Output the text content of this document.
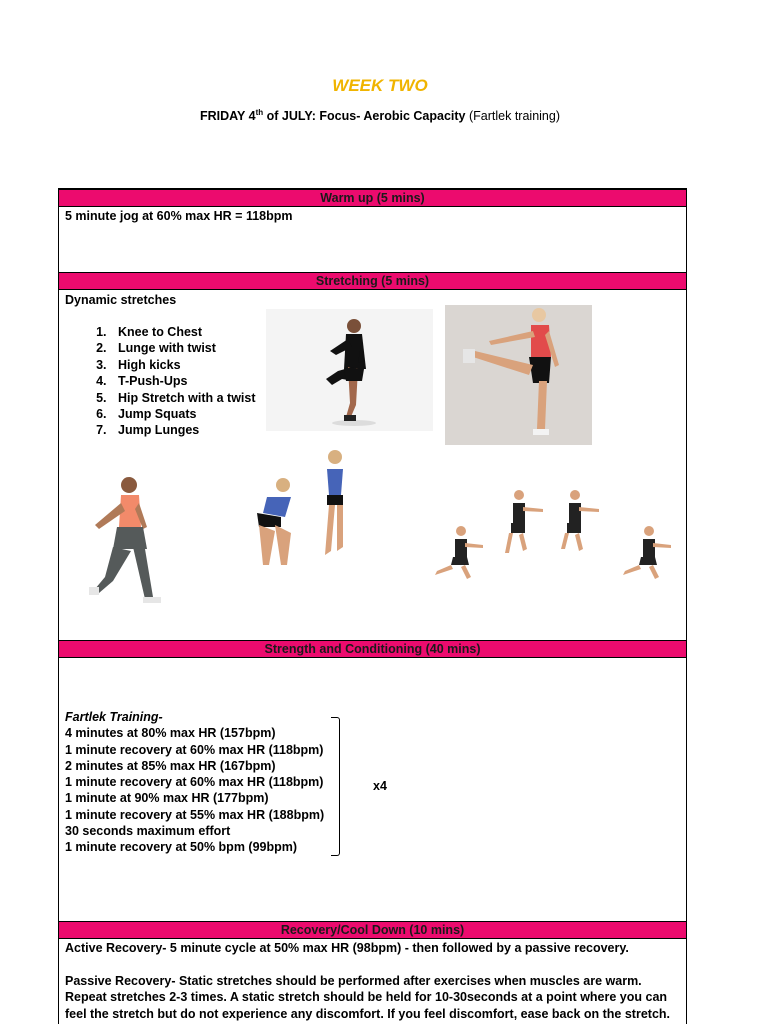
WEEK TWO
FRIDAY 4th of JULY: Focus- Aerobic Capacity (Fartlek training)
Warm up (5 mins)
5 minute jog at 60% max HR = 118bpm
Stretching (5 mins)
Dynamic stretches
1. Knee to Chest
2. Lunge with twist
3. High kicks
4. T-Push-Ups
5. Hip Stretch with a twist
6. Jump Squats
7. Jump Lunges
Strength and Conditioning (40 mins)
Fartlek Training-
4 minutes at 80% max HR (157bpm)
1 minute recovery at 60% max HR (118bpm)
2 minutes at 85% max HR (167bpm)
1 minute recovery at 60% max HR (118bpm)
1 minute at 90% max HR (177bpm)
1 minute recovery at 55% max HR (188bpm)
30 seconds maximum effort
1 minute recovery at 50% bpm (99bpm)
x4
Recovery/Cool Down (10 mins)
Active Recovery- 5 minute cycle at 50% max HR (98bpm) - then followed by a passive recovery.
Passive Recovery- Static stretches should be performed after exercises when muscles are warm. Repeat stretches 2-3 times. A static stretch should be held for 10-30seconds at a point where you can feel the stretch but do not experience any discomfort. If you feel discomfort, ease back on the stretch.
